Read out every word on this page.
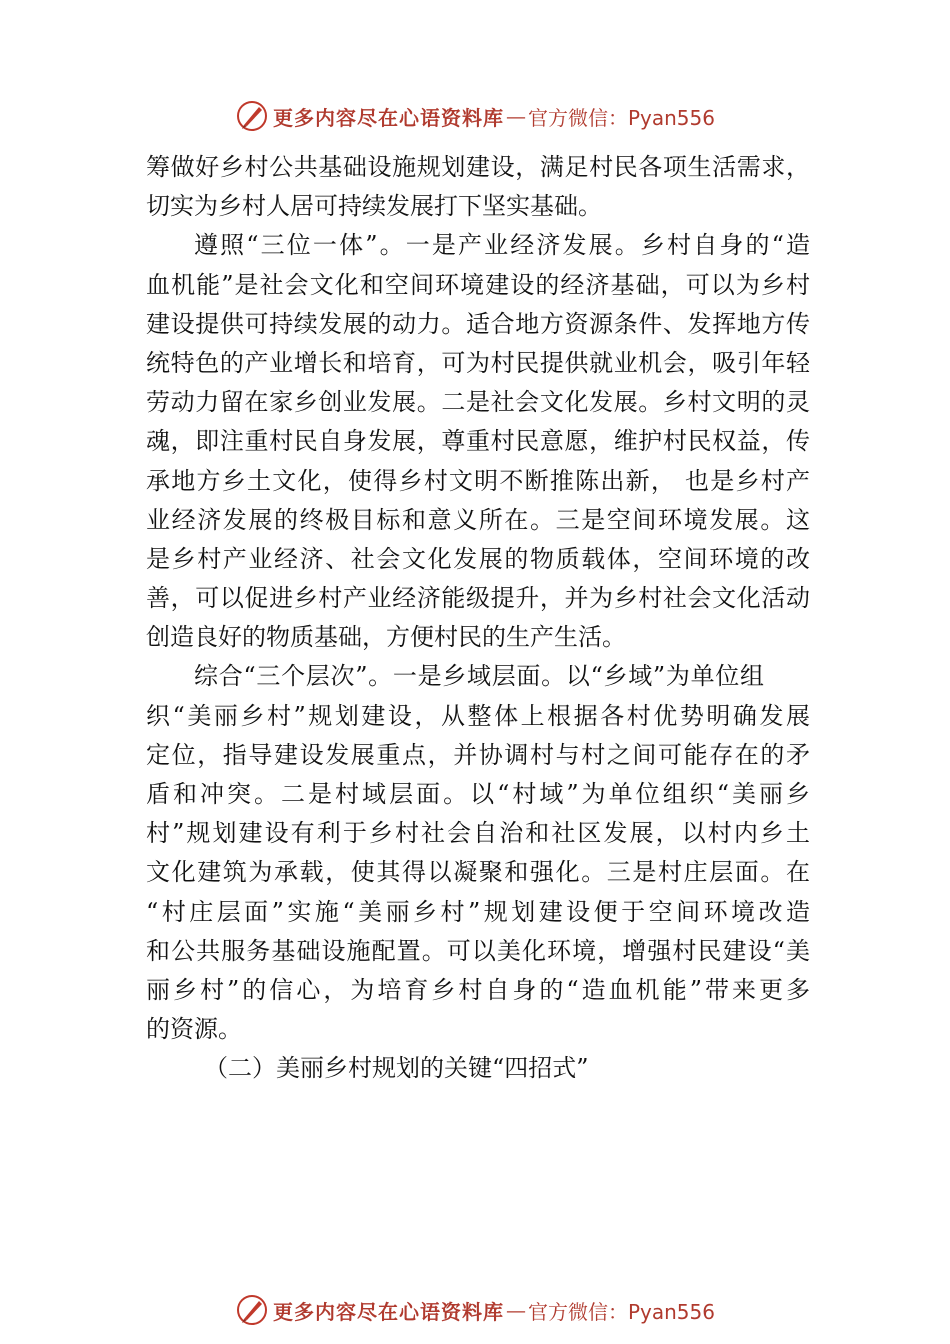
更多内容尽在心语资料库 — 官方微信：Pyan556
筹做好乡村公共基础设施规划建设，满足村民各项生活需求，
切实为乡村人居可持续发展打下坚实基础。
遵照“三位一体”。一是产业经济发展。乡村自身的“造
血机能”是社会文化和空间环境建设的经济基础，可以为乡村
建设提供可持续发展的动力。适合地方资源条件、发挥地方传
统特色的产业增长和培育，可为村民提供就业机会，吸引年轻
劳动力留在家乡创业发展。二是社会文化发展。乡村文明的灵
魂，即注重村民自身发展，尊重村民意愿，维护村民权益，传
承地方乡土文化，使得乡村文明不断推陈出新， 也是乡村产
业经济发展的终极目标和意义所在。三是空间环境发展。这
是乡村产业经济、社会文化发展的物质载体，空间环境的改
善，可以促进乡村产业经济能级提升，并为乡村社会文化活动
创造良好的物质基础，方便村民的生产生活。
综合“三个层次”。一是乡域层面。以“乡域”为单位组
织“美丽乡村”规划建设，从整体上根据各村优势明确发展
定位，指导建设发展重点，并协调村与村之间可能存在的矛
盾和冲突。二是村域层面。以“村域”为单位组织“美丽乡
村”规划建设有利于乡村社会自治和社区发展，以村内乡土
文化建筑为承载，使其得以凝聚和强化。三是村庄层面。在
“村庄层面”实施“美丽乡村”规划建设便于空间环境改造
和公共服务基础设施配置。可以美化环境，增强村民建设“美
丽乡村”的信心，为培育乡村自身的“造血机能”带来更多
的资源。
（二）美丽乡村规划的关键“四招式”
更多内容尽在心语资料库 — 官方微信：Pyan556
